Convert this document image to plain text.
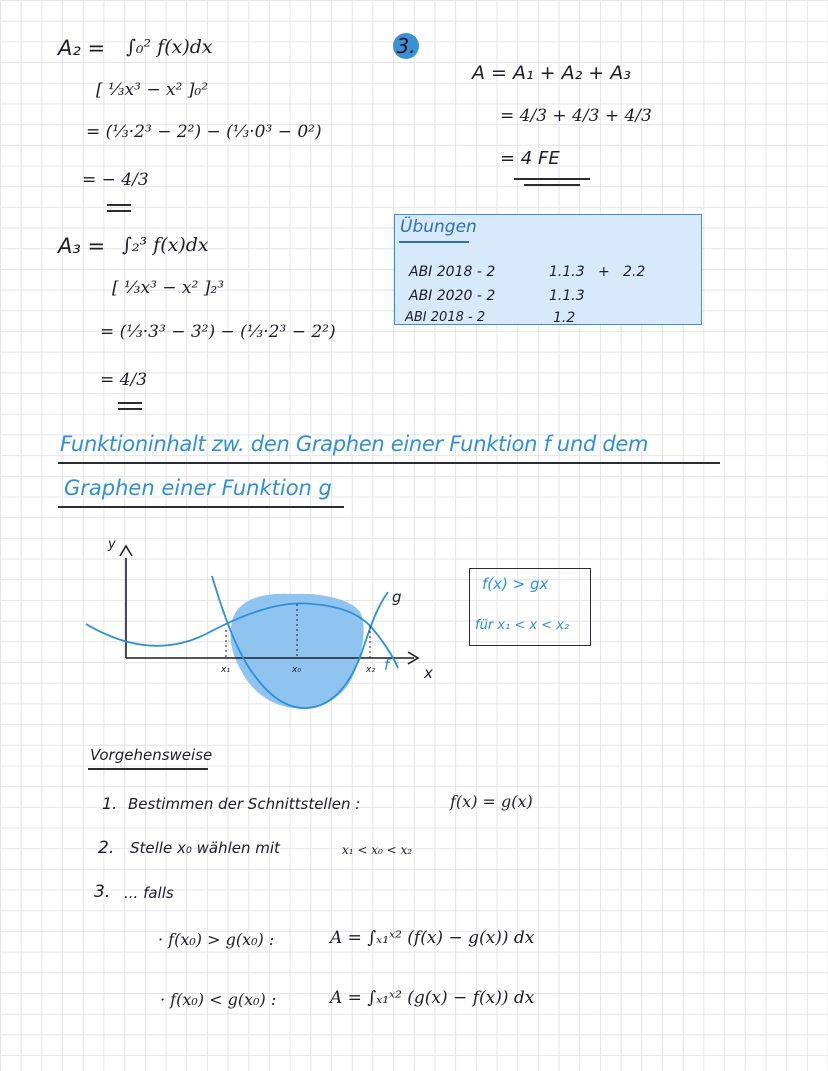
A₂ = ∫₀² f(x)dx
[ ⅓x³ − x² ]₀²
= (⅓·2³ − 2²) − (⅓·0³ − 0²)
= − 4/3
A₃ = ∫₂³ f(x)dx
[ ⅓x³ − x² ]₂³
= (⅓·3³ − 3²) − (⅓·2³ − 2²)
= 4/3
3.
A = A₁ + A₂ + A₃
= 4/3 + 4/3 + 4/3
= 4 FE
Übungen
ABI 2018 - 2	1.1.3   +   2.2
ABI 2020 - 2	1.1.3
ABI 2018 - 2	1.2
Funktioninhalt zw. den Graphen einer Funktion f und dem
Graphen einer Funktion g
y
x
g
f
x₁	x₀	x₂
f(x) > gx
für x₁ < x < x₂
Vorgehensweise
1. Bestimmen der Schnittstellen :	f(x) = g(x)
2. Stelle x₀ wählen mit	x₁ < x₀ < x₂
3. ... falls
· f(x₀) > g(x₀) :	A = ∫ₓ₁ˣ² (f(x) − g(x)) dx
· f(x₀) < g(x₀) :	A = ∫ₓ₁ˣ² (g(x) − f(x)) dx
